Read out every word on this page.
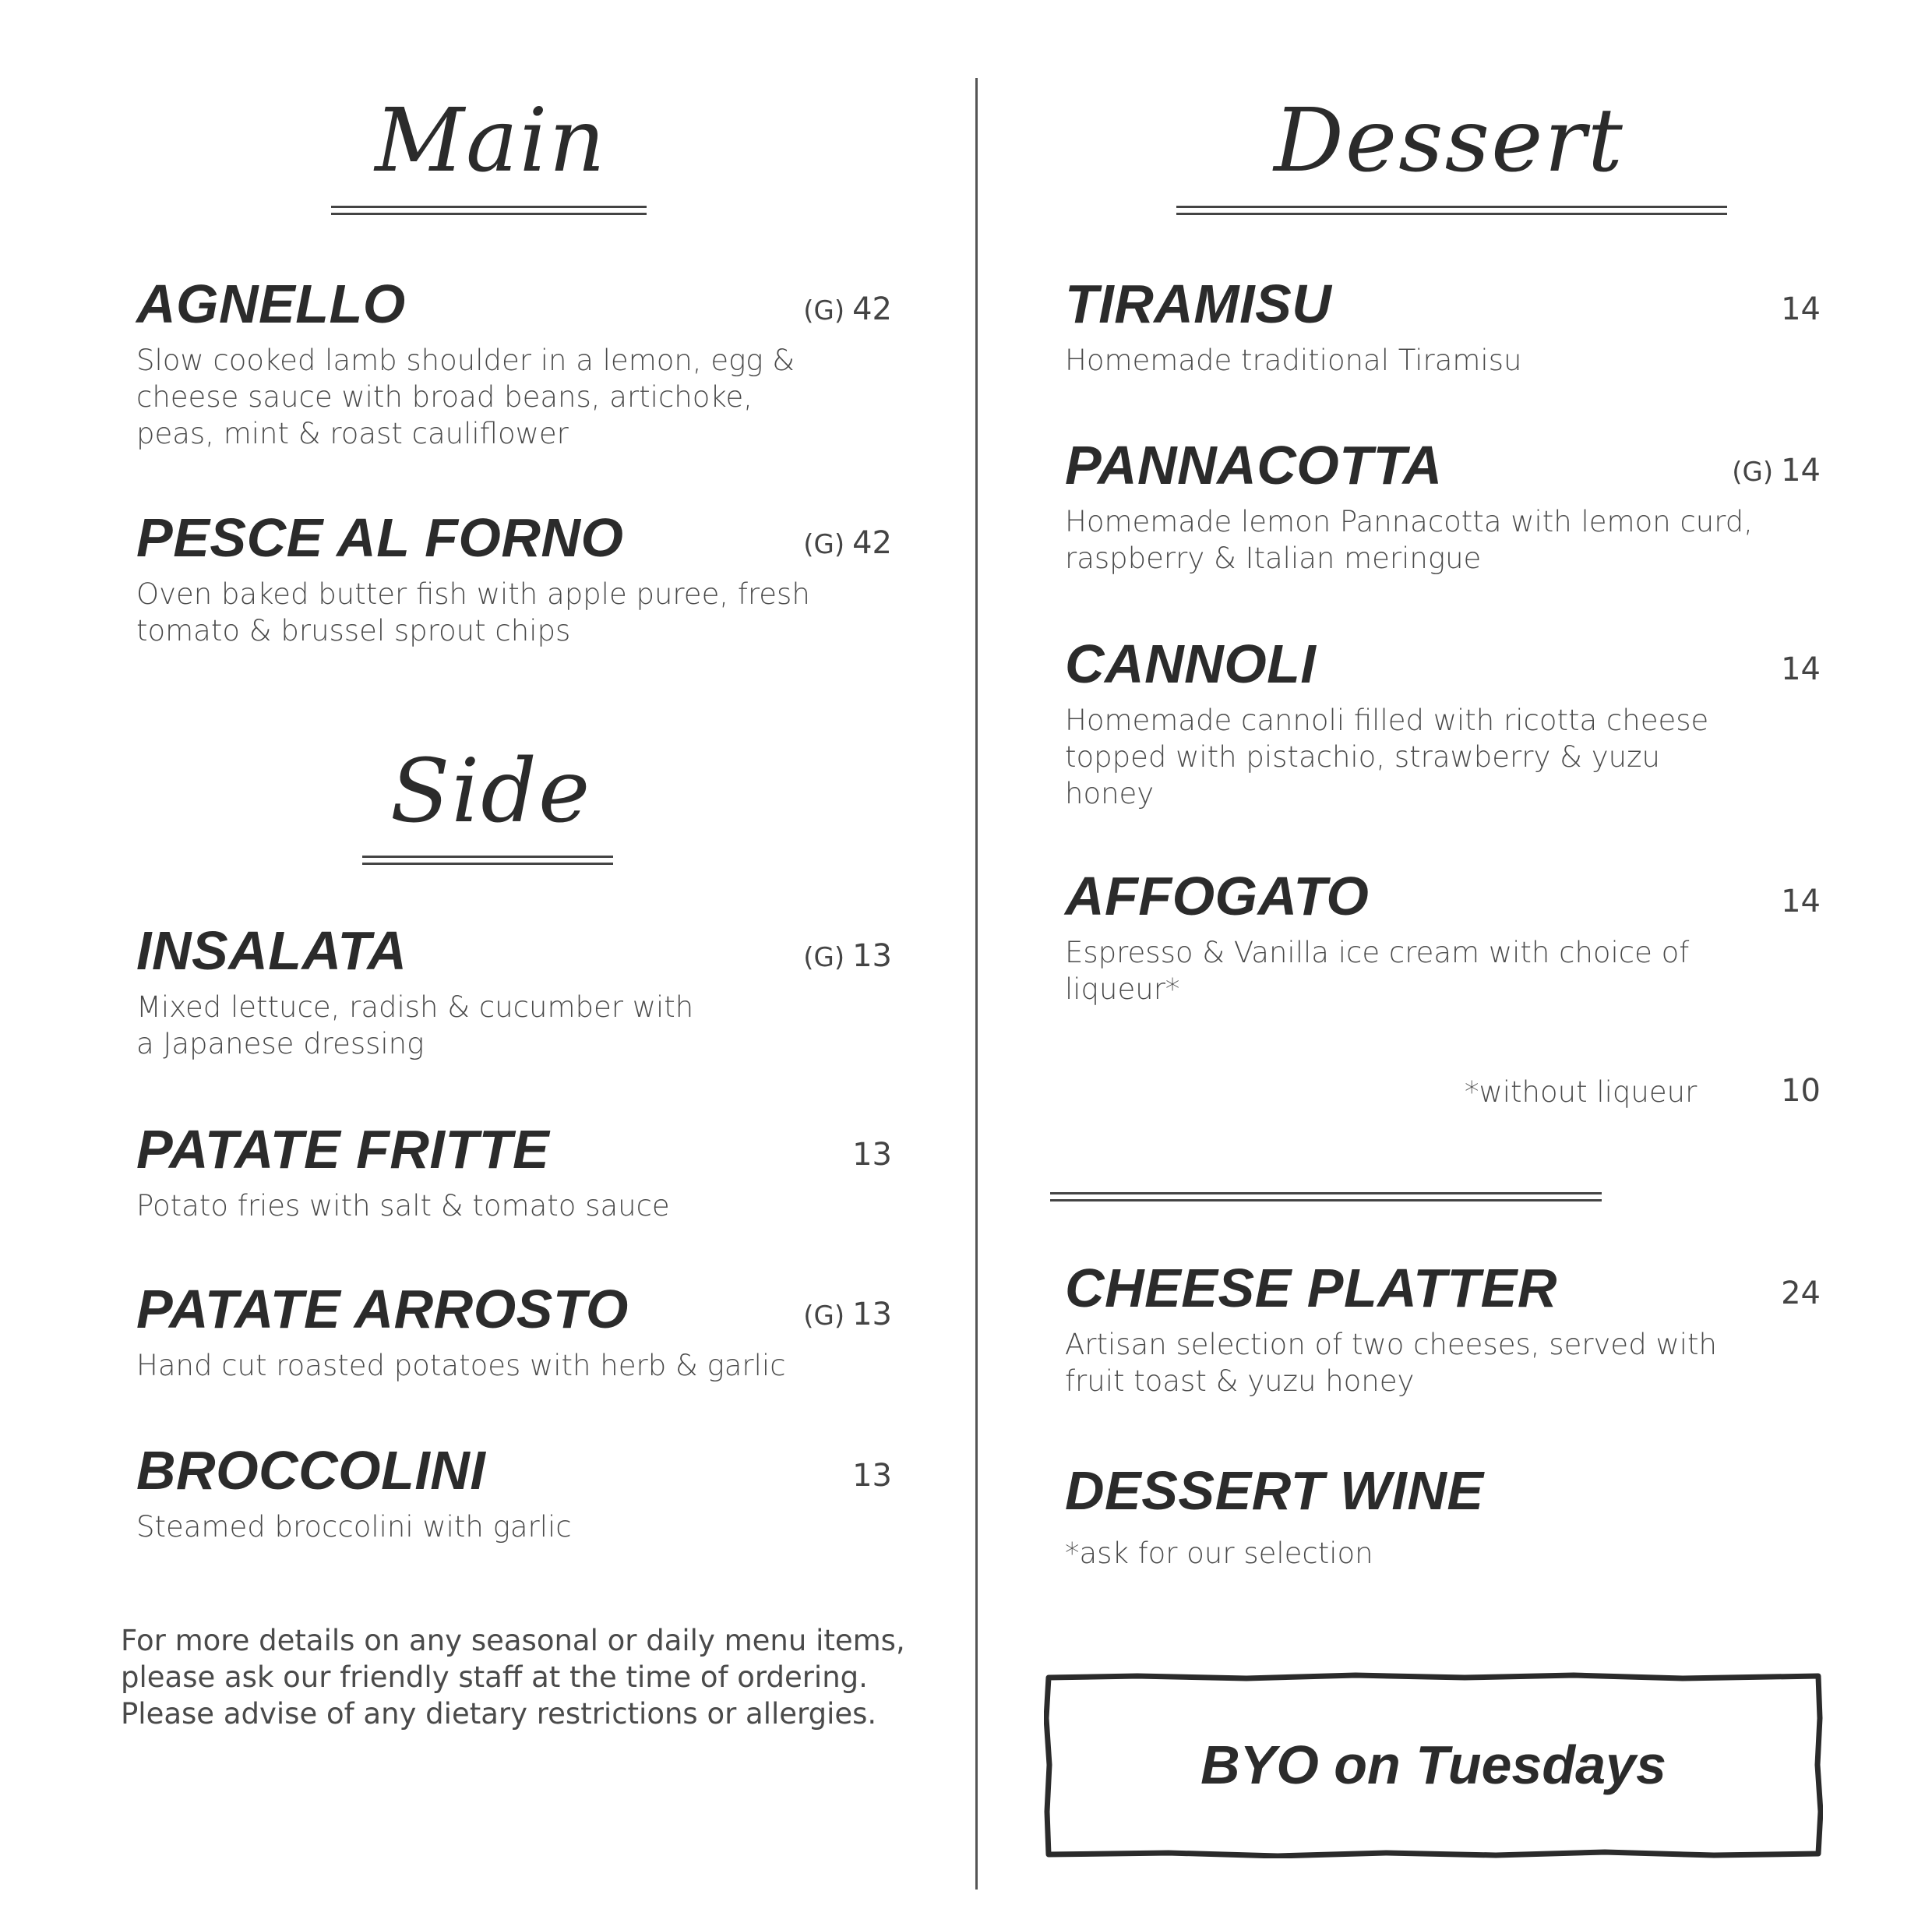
Main
AGNELLO	(G) 42
Slow cooked lamb shoulder in a lemon, egg &
cheese sauce with broad beans, artichoke,
peas, mint & roast cauliflower
PESCE AL FORNO	(G) 42
Oven baked butter fish with apple puree, fresh
tomato & brussel sprout chips
Side
INSALATA	(G) 13
Mixed lettuce, radish & cucumber with
a Japanese dressing
PATATE FRITTE	13
Potato fries with salt & tomato sauce
PATATE ARROSTO	(G) 13
Hand cut roasted potatoes with herb & garlic
BROCCOLINI	13
Steamed broccolini with garlic
For more details on any seasonal or daily menu items,
please ask our friendly staff at the time of ordering.
Please advise of any dietary restrictions or allergies.
Dessert
TIRAMISU	14
Homemade traditional Tiramisu
PANNACOTTA	(G) 14
Homemade lemon Pannacotta with lemon curd,
raspberry & Italian meringue
CANNOLI	14
Homemade cannoli filled with ricotta cheese
topped with pistachio, strawberry & yuzu
honey
AFFOGATO	14
Espresso & Vanilla ice cream with choice of
liqueur*
*without liqueur	10
CHEESE PLATTER	24
Artisan selection of two cheeses, served with
fruit toast & yuzu honey
DESSERT WINE
*ask for our selection
BYO on Tuesdays
